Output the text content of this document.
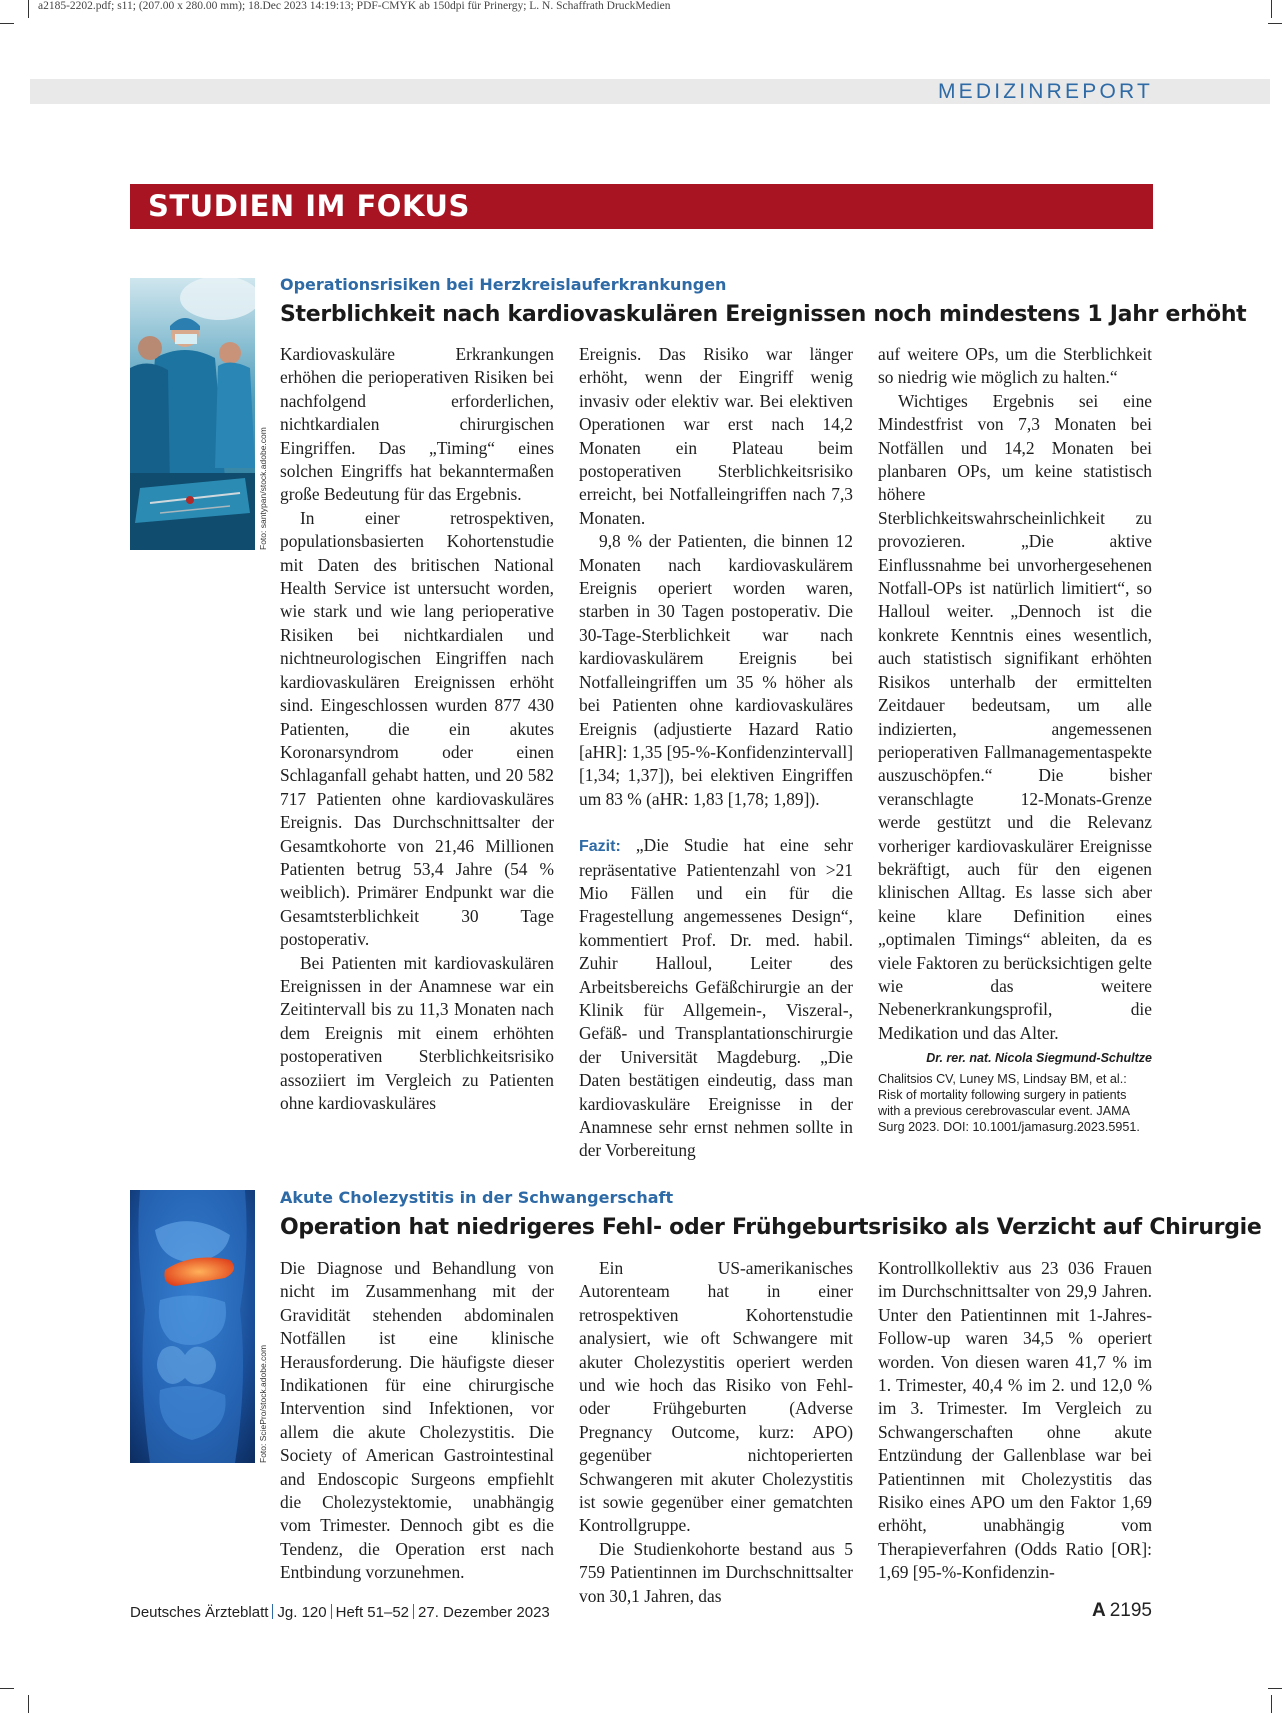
a2185-2202.pdf; s11; (207.00 x 280.00 mm); 18.Dec 2023 14:19:13; PDF-CMYK ab 150dpi für Prinergy; L. N. Schaffrath DruckMedien
MEDIZINREPORT
STUDIEN IM FOKUS
Foto: santypan/stock.adobe.com
Operationsrisiken bei Herzkreislauferkrankungen
Sterblichkeit nach kardiovaskulären Ereignissen noch mindestens 1 Jahr erhöht

Kardiovaskuläre Erkrankungen erhöhen die perioperativen Risiken bei nachfolgend erforderlichen, nichtkardialen chirurgischen Eingriffen. Das „Timing“ eines solchen Eingriffs hat bekanntermaßen große Bedeutung für das Ergebnis.

In einer retrospektiven, populationsbasierten Kohortenstudie mit Daten des britischen National Health Service ist untersucht worden, wie stark und wie lang perioperative Risiken bei nichtkardialen und nichtneurologischen Eingriffen nach kardiovaskulären Ereignissen erhöht sind. Eingeschlossen wurden 877 430 Patienten, die ein akutes Koronarsyndrom oder einen Schlaganfall gehabt hatten, und 20 582 717 Patienten ohne kardiovaskuläres Ereignis. Das Durchschnittsalter der Gesamtkohorte von 21,46 Millionen Patienten betrug 53,4 Jahre (54 % weiblich). Primärer Endpunkt war die Gesamtsterblichkeit 30 Tage postoperativ.

Bei Patienten mit kardiovaskulären Ereignissen in der Anamnese war ein Zeitintervall bis zu 11,3 Monaten nach dem Ereignis mit einem erhöhten postoperativen Sterblichkeitsrisiko assoziiert im Vergleich zu Patienten ohne kardiovaskuläres

Ereignis. Das Risiko war länger erhöht, wenn der Eingriff wenig invasiv oder elektiv war. Bei elektiven Operationen war erst nach 14,2 Monaten ein Plateau beim postoperativen Sterblichkeitsrisiko erreicht, bei Notfalleingriffen nach 7,3 Monaten.

9,8 % der Patienten, die binnen 12 Monaten nach kardiovaskulärem Ereignis operiert worden waren, starben in 30 Tagen postoperativ. Die 30-Tage-Sterblichkeit war nach kardiovaskulärem Ereignis bei Notfalleingriffen um 35 % höher als bei Patienten ohne kardiovaskuläres Ereignis (adjustierte Hazard Ratio [aHR]: 1,35 [95-%-Konfidenzintervall] [1,34; 1,37]), bei elektiven Eingriffen um 83 % (aHR: 1,83 [1,78; 1,89]).

Fazit: „Die Studie hat eine sehr repräsentative Patientenzahl von >21 Mio Fällen und ein für die Fragestellung angemessenes Design“, kommentiert Prof. Dr. med. habil. Zuhir Halloul, Leiter des Arbeitsbereichs Gefäßchirurgie an der Klinik für Allgemein-, Viszeral-, Gefäß- und Transplantationschirurgie der Universität Magdeburg. „Die Daten bestätigen eindeutig, dass man kardiovaskuläre Ereignisse in der Anamnese sehr ernst nehmen sollte in der Vorbereitung

auf weitere OPs, um die Sterblichkeit so niedrig wie möglich zu halten.“

Wichtiges Ergebnis sei eine Mindestfrist von 7,3 Monaten bei Notfällen und 14,2 Monaten bei planbaren OPs, um keine statistisch höhere Sterblichkeitswahrscheinlichkeit zu provozieren. „Die aktive Einflussnahme bei unvorhergesehenen Notfall-OPs ist natürlich limitiert“, so Halloul weiter. „Dennoch ist die konkrete Kenntnis eines wesentlich, auch statistisch signifikant erhöhten Risikos unterhalb der ermittelten Zeitdauer bedeutsam, um alle indizierten, angemessenen perioperativen Fallmanagementaspekte auszuschöpfen.“ Die bisher veranschlagte 12-Monats-Grenze werde gestützt und die Relevanz vorheriger kardiovaskulärer Ereignisse bekräftigt, auch für den eigenen klinischen Alltag. Es lasse sich aber keine klare Definition eines „optimalen Timings“ ableiten, da es viele Faktoren zu berücksichtigen gelte wie das weitere Nebenerkrankungsprofil, die Medikation und das Alter.
Dr. rer. nat. Nicola Siegmund-Schultze

Chalitsios CV, Luney MS, Lindsay BM, et al.: Risk of mortality following surgery in patients with a previous cerebrovascular event. JAMA Surg 2023. DOI: 10.1001/jamasurg.2023.5951.
Foto: SciePro/stock.adobe.com
Akute Cholezystitis in der Schwangerschaft
Operation hat niedrigeres Fehl- oder Frühgeburtsrisiko als Verzicht auf Chirurgie

Die Diagnose und Behandlung von nicht im Zusammenhang mit der Gravidität stehenden abdominalen Notfällen ist eine klinische Herausforderung. Die häufigste dieser Indikationen für eine chirurgische Intervention sind Infektionen, vor allem die akute Cholezystitis. Die Society of American Gastrointestinal and Endoscopic Surgeons empfiehlt die Cholezystektomie, unabhängig vom Trimester. Dennoch gibt es die Tendenz, die Operation erst nach Entbindung vorzunehmen.

Ein US-amerikanisches Autorenteam hat in einer retrospektiven Kohortenstudie analysiert, wie oft Schwangere mit akuter Cholezystitis operiert werden und wie hoch das Risiko von Fehl- oder Frühgeburten (Adverse Pregnancy Outcome, kurz: APO) gegenüber nichtoperierten Schwangeren mit akuter Cholezystitis ist sowie gegenüber einer gematchten Kontrollgruppe.

Die Studienkohorte bestand aus 5 759 Patientinnen im Durchschnittsalter von 30,1 Jahren, das

Kontrollkollektiv aus 23 036 Frauen im Durchschnittsalter von 29,9 Jahren. Unter den Patientinnen mit 1-Jahres-Follow-up waren 34,5 % operiert worden. Von diesen waren 41,7 % im 1. Trimester, 40,4 % im 2. und 12,0 % im 3. Trimester. Im Vergleich zu Schwangerschaften ohne akute Entzündung der Gallenblase war bei Patientinnen mit Cholezystitis das Risiko eines APO um den Faktor 1,69 erhöht, unabhängig vom Therapieverfahren (Odds Ratio [OR]: 1,69 [95-%-Konfidenzin-

Deutsches Ärzteblatt Jg. 120 Heft 51–52 27. Dezember 2023	A 2195
